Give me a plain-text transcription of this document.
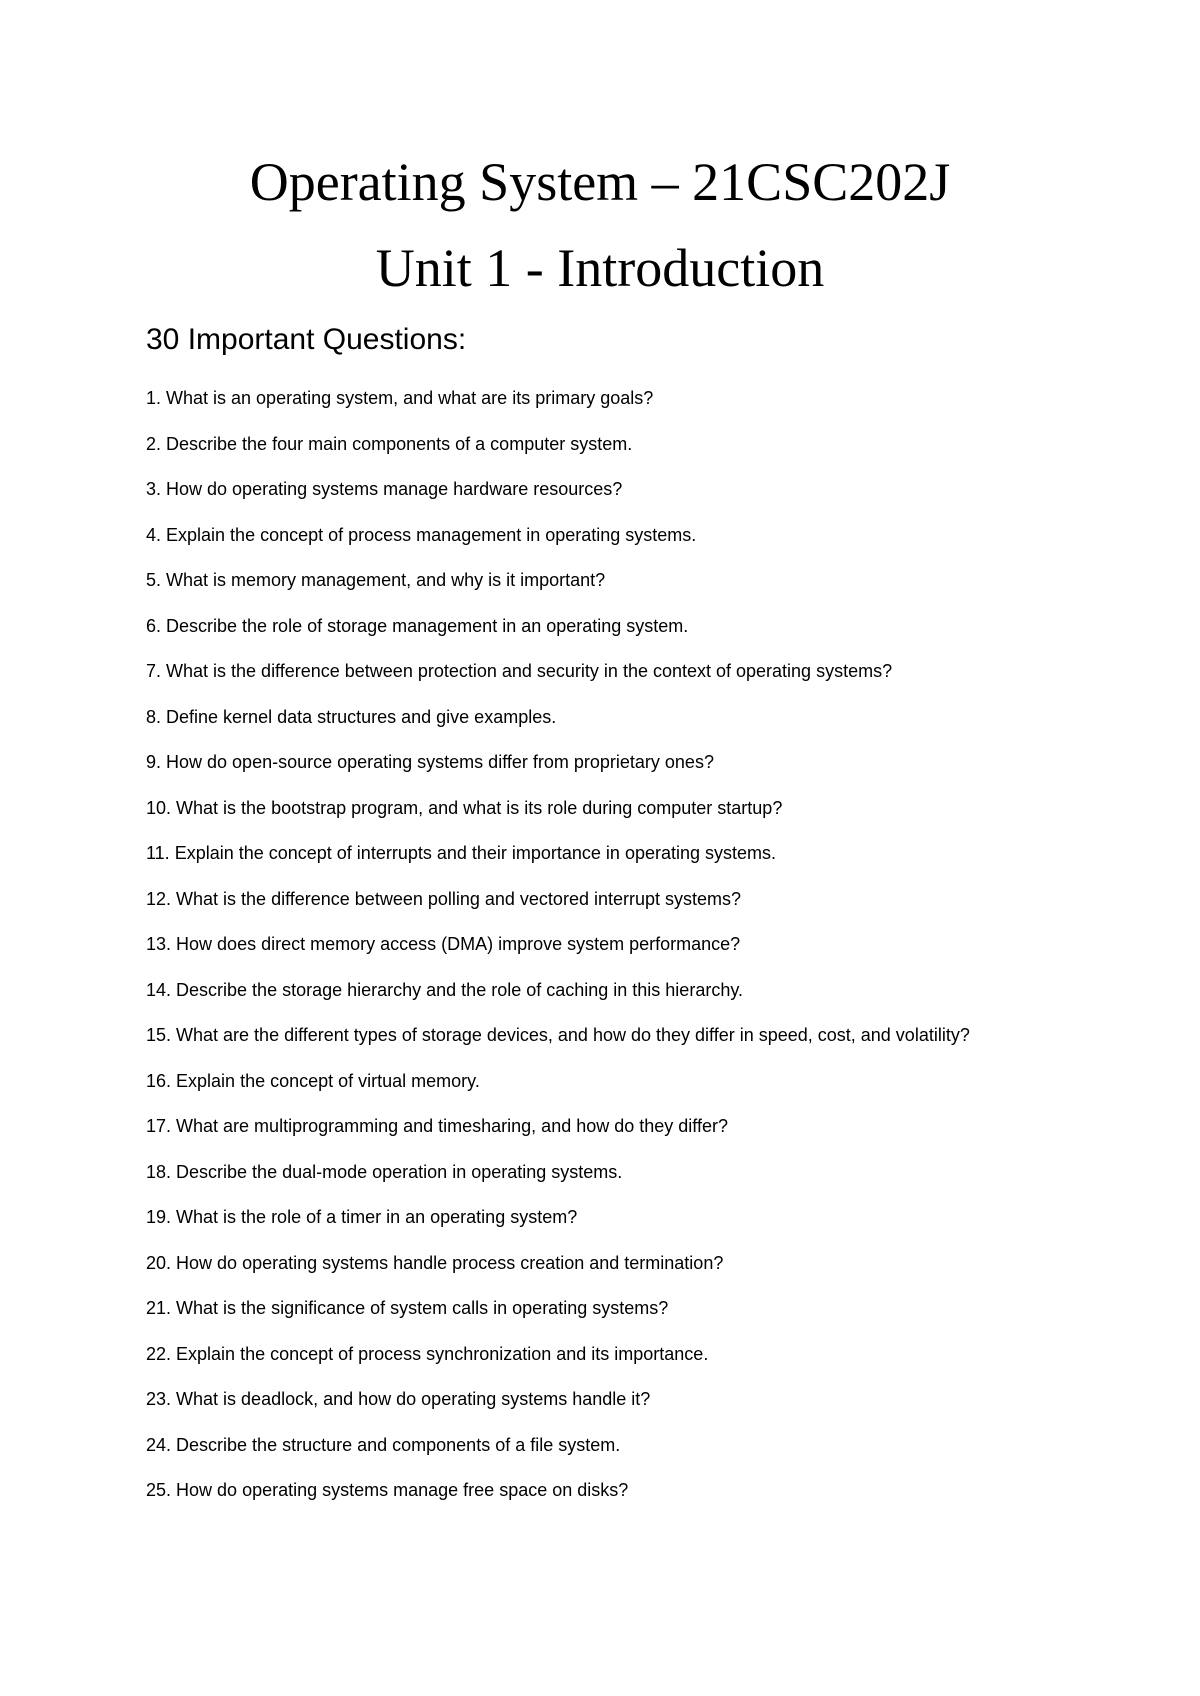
Operating System – 21CSC202J
Unit 1 - Introduction
30 Important Questions:
1. What is an operating system, and what are its primary goals?
2. Describe the four main components of a computer system.
3. How do operating systems manage hardware resources?
4. Explain the concept of process management in operating systems.
5. What is memory management, and why is it important?
6. Describe the role of storage management in an operating system.
7. What is the difference between protection and security in the context of operating systems?
8. Define kernel data structures and give examples.
9. How do open-source operating systems differ from proprietary ones?
10. What is the bootstrap program, and what is its role during computer startup?
11. Explain the concept of interrupts and their importance in operating systems.
12. What is the difference between polling and vectored interrupt systems?
13. How does direct memory access (DMA) improve system performance?
14. Describe the storage hierarchy and the role of caching in this hierarchy.
15. What are the different types of storage devices, and how do they differ in speed, cost, and volatility?
16. Explain the concept of virtual memory.
17. What are multiprogramming and timesharing, and how do they differ?
18. Describe the dual-mode operation in operating systems.
19. What is the role of a timer in an operating system?
20. How do operating systems handle process creation and termination?
21. What is the significance of system calls in operating systems?
22. Explain the concept of process synchronization and its importance.
23. What is deadlock, and how do operating systems handle it?
24. Describe the structure and components of a file system.
25. How do operating systems manage free space on disks?
